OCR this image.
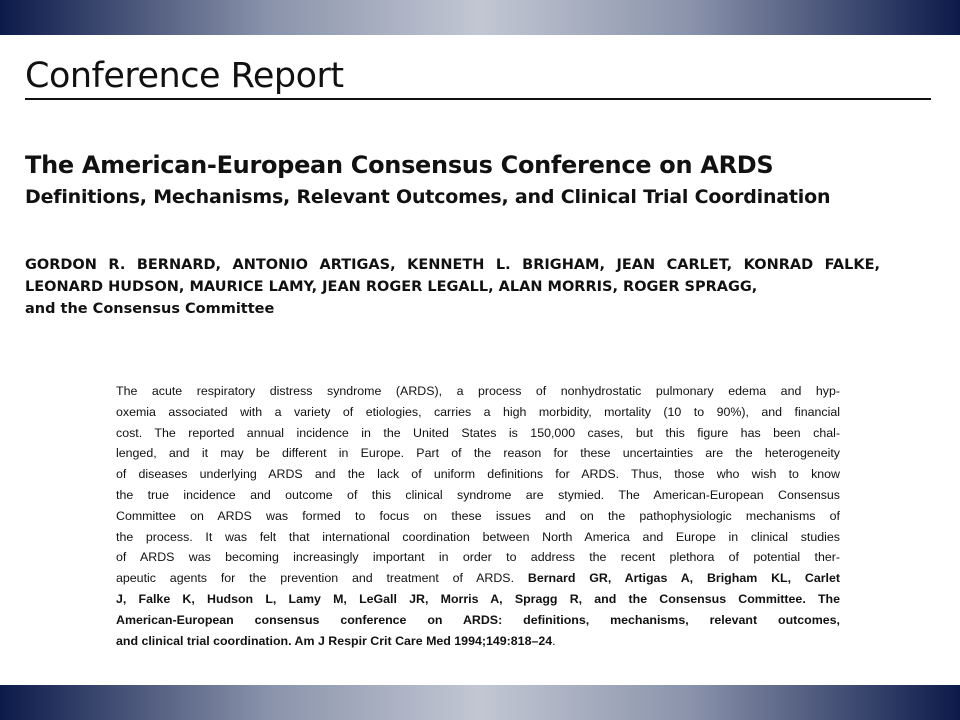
Conference Report
The American-European Consensus Conference on ARDS
Definitions, Mechanisms, Relevant Outcomes, and Clinical Trial Coordination
GORDON R. BERNARD, ANTONIO ARTIGAS, KENNETH L. BRIGHAM, JEAN CARLET, KONRAD FALKE,
LEONARD HUDSON, MAURICE LAMY, JEAN ROGER LEGALL, ALAN MORRIS, ROGER SPRAGG,
and the Consensus Committee
The acute respiratory distress syndrome (ARDS), a process of nonhydrostatic pulmonary edema and hyp-
oxemia associated with a variety of etiologies, carries a high morbidity, mortality (10 to 90%), and financial
cost. The reported annual incidence in the United States is 150,000 cases, but this figure has been chal-
lenged, and it may be different in Europe. Part of the reason for these uncertainties are the heterogeneity
of diseases underlying ARDS and the lack of uniform definitions for ARDS. Thus, those who wish to know
the true incidence and outcome of this clinical syndrome are stymied. The American-European Consensus
Committee on ARDS was formed to focus on these issues and on the pathophysiologic mechanisms of
the process. It was felt that international coordination between North America and Europe in clinical studies
of ARDS was becoming increasingly important in order to address the recent plethora of potential ther-
apeutic agents for the prevention and treatment of ARDS. Bernard GR, Artigas A, Brigham KL, Carlet
J, Falke K, Hudson L, Lamy M, LeGall JR, Morris A, Spragg R, and the Consensus Committee. The
American-European consensus conference on ARDS: definitions, mechanisms, relevant outcomes,
and clinical trial coordination. Am J Respir Crit Care Med 1994;149:818–24.
